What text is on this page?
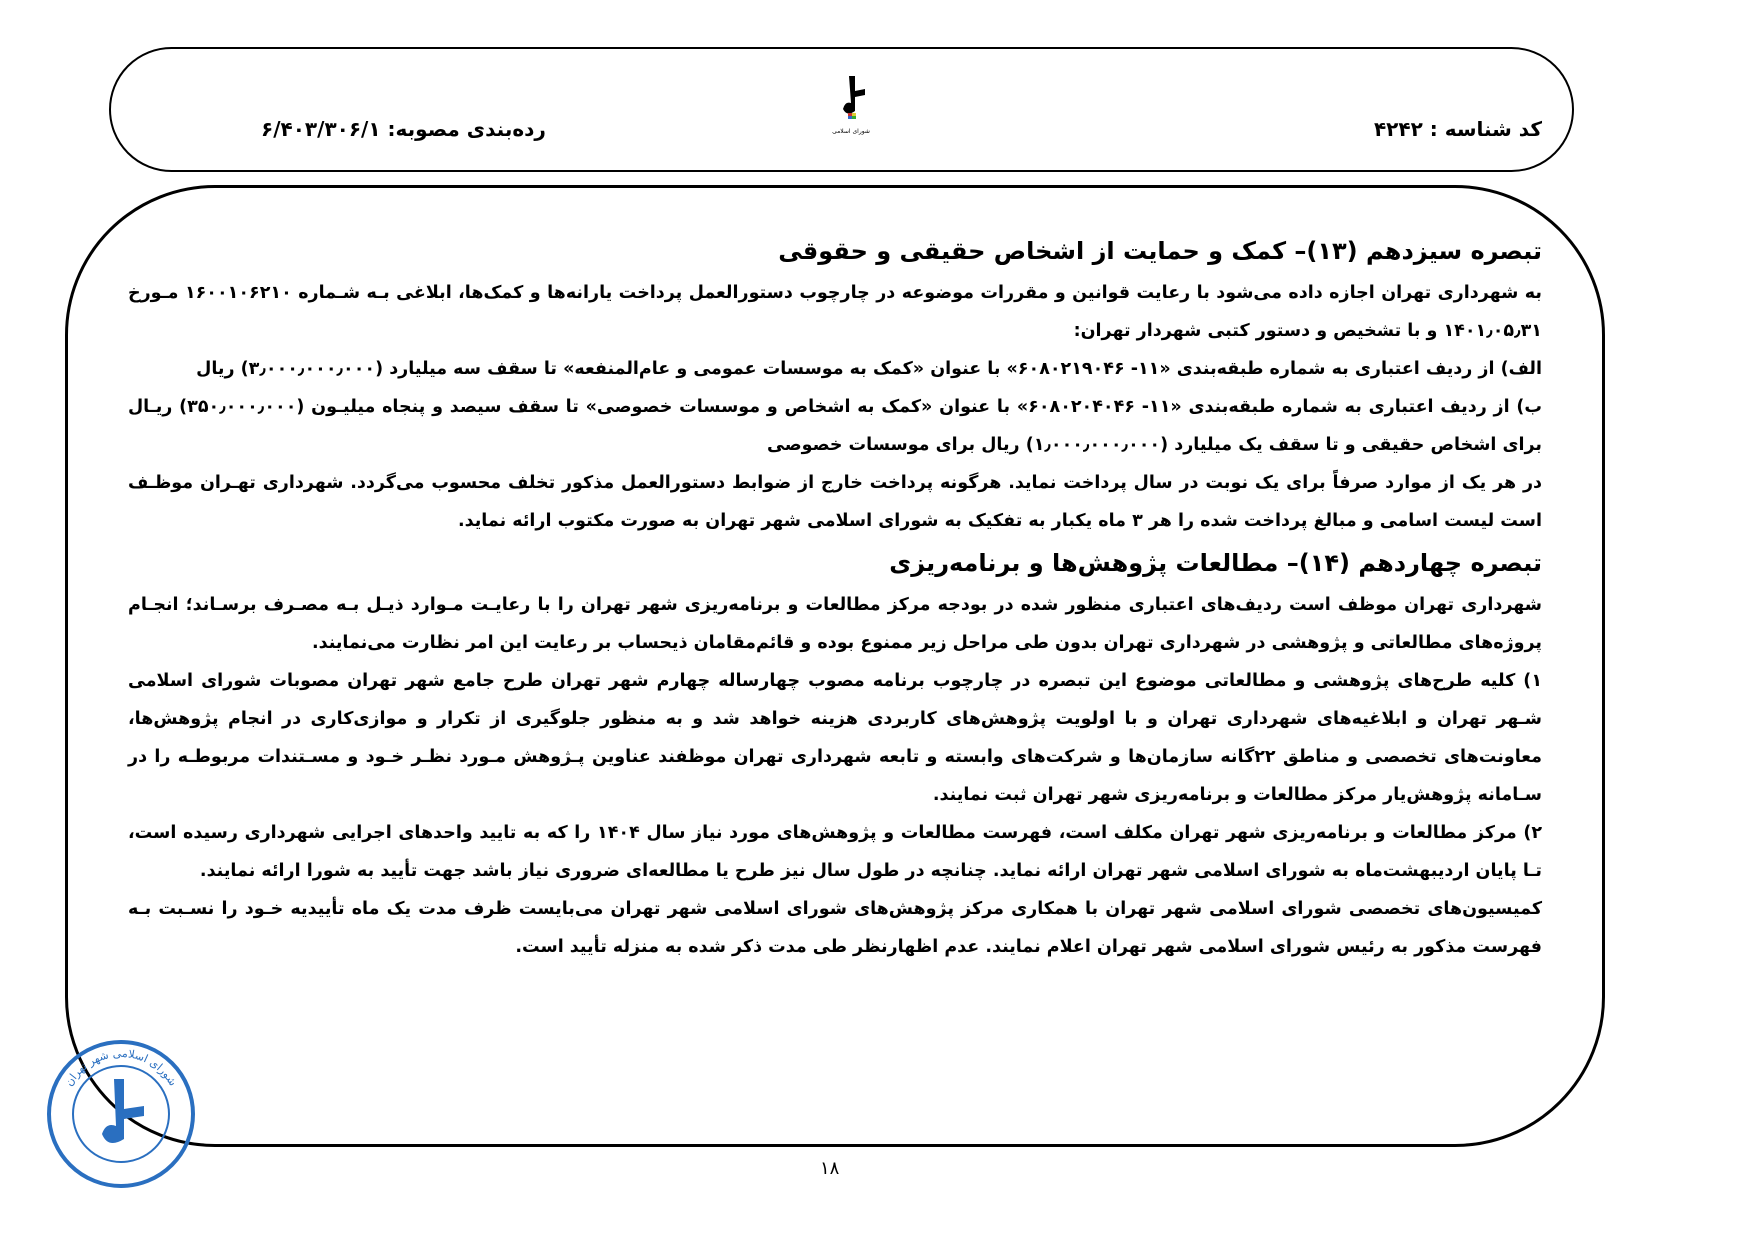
کد شناسه : ۴۲۴۲
شورای اسلامی
رده‌بندی مصوبه: ۶/۴۰۳/۳۰۶/۱
تبصره سیزدهم (۱۳)– کمک و حمایت از اشخاص حقیقی و حقوقی

به شهرداری تهران اجازه داده می‌شود با رعایت قوانین و مقررات موضوعه در چارچوب دستورالعمل پرداخت یارانه‌ها و کمک‌ها، ابلاغی بـه شـماره ۱۶۰۰۱۰۶۲۱۰ مـورخ ۱۴۰۱٫۰۵٫۳۱ و با تشخیص و دستور کتبی شهردار تهران:

الف) از ردیف اعتباری به شماره طبقه‌بندی «۱۱- ۶۰۸۰۲۱۹۰۴۶» با عنوان «کمک به موسسات عمومی و عام‌المنفعه» تا سقف سه میلیارد (۳٫۰۰۰٫۰۰۰٫۰۰۰) ریال

ب) از ردیف اعتباری به شماره طبقه‌بندی «۱۱- ۶۰۸۰۲۰۴۰۴۶» با عنوان «کمک به اشخاص و موسسات خصوصی» تا سقف سیصد و پنجاه میلیـون (۳۵۰٫۰۰۰٫۰۰۰) ریـال برای اشخاص حقیقی و تا سقف یک میلیارد (۱٫۰۰۰٫۰۰۰٫۰۰۰) ریال برای موسسات خصوصی

در هر یک از موارد صرفاً برای یک نوبت در سال پرداخت نماید. هرگونه پرداخت خارج از ضوابط دستورالعمل مذکور تخلف محسوب می‌گردد. شهرداری تهـران موظـف است لیست اسامی و مبالغ پرداخت شده را هر ۳ ماه یکبار به تفکیک به شورای اسلامی شهر تهران به صورت مکتوب ارائه نماید.

تبصره چهاردهم (۱۴)– مطالعات پژوهش‌ها و برنامه‌ریزی

شهرداری تهران موظف است ردیف‌های اعتباری منظور شده در بودجه مرکز مطالعات و برنامه‌ریزی شهر تهران را با رعایـت مـوارد ذیـل بـه مصـرف برسـاند؛ انجـام پروژه‌های مطالعاتی و پژوهشی در شهرداری تهران بدون طی مراحل زیر ممنوع بوده و قائم‌مقامان ذیحساب بر رعایت این امر نظارت می‌نمایند.

۱) کلیه طرح‌های پژوهشی و مطالعاتی موضوع این تبصره در چارچوب برنامه مصوب چهارساله چهارم شهر تهران طرح جامع شهر تهران مصوبات شورای اسلامی شـهر تهران و ابلاغیه‌های شهرداری تهران و با اولویت پژوهش‌های کاربردی هزینه خواهد شد و به منظور جلوگیری از تکرار و موازی‌کاری در انجام پژوهش‌ها، معاونت‌های تخصصی و مناطق ۲۲گانه سازمان‌ها و شرکت‌های وابسته و تابعه شهرداری تهران موظفند عناوین پـژوهش مـورد نظـر خـود و مسـتندات مربوطـه را در سـامانه پژوهش‌یار مرکز مطالعات و برنامه‌ریزی شهر تهران ثبت نمایند.

۲) مرکز مطالعات و برنامه‌ریزی شهر تهران مکلف است، فهرست مطالعات و پژوهش‌های مورد نیاز سال ۱۴۰۴ را که به تایید واحدهای اجرایی شهرداری رسیده است، تـا پایان اردیبهشت‌ماه به شورای اسلامی شهر تهران ارائه نماید. چنانچه در طول سال نیز طرح یا مطالعه‌ای ضروری نیاز باشد جهت تأیید به شورا ارائه نمایند.

کمیسیون‌های تخصصی شورای اسلامی شهر تهران با همکاری مرکز پژوهش‌های شورای اسلامی شهر تهران می‌بایست ظرف مدت یک ماه تأییدیه خـود را نسـبت بـه فهرست مذکور به رئیس شورای اسلامی شهر تهران اعلام نمایند. عدم اظهارنظر طی مدت ذکر شده به منزله تأیید است.

شورای اسلامی شهر تهران
۱۸
